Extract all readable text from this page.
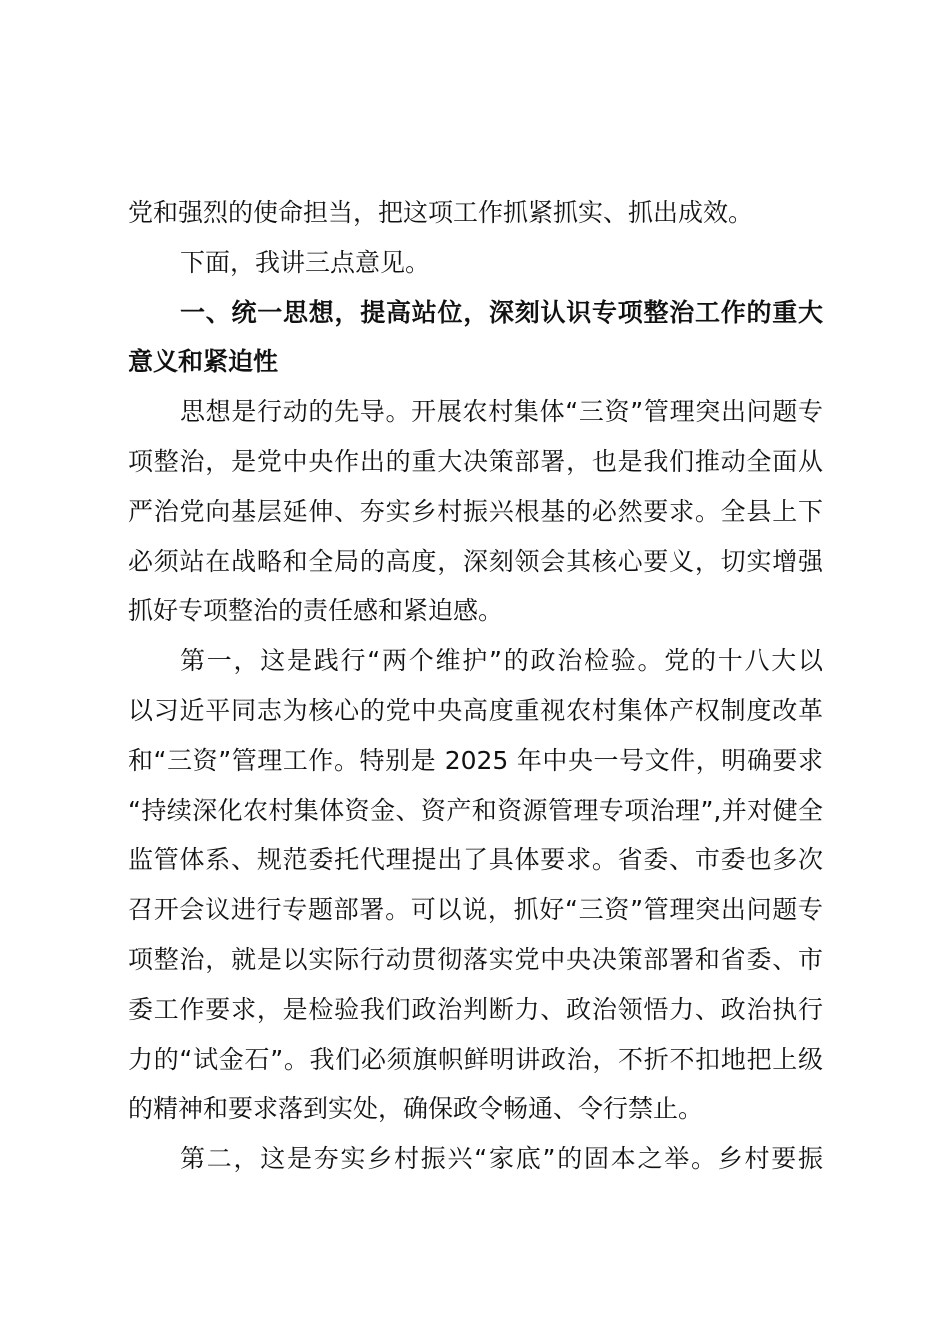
党和强烈的使命担当，把这项工作抓紧抓实、抓出成效。
下面，我讲三点意见。
一、统一思想，提高站位，深刻认识专项整治工作的重大
意义和紧迫性
思想是行动的先导。开展农村集体“三资”管理突出问题专
项整治，是党中央作出的重大决策部署，也是我们推动全面从
严治党向基层延伸、夯实乡村振兴根基的必然要求。全县上下
必须站在战略和全局的高度，深刻领会其核心要义，切实增强
抓好专项整治的责任感和紧迫感。
第一，这是践行“两个维护”的政治检验。党的十八大以
以习近平同志为核心的党中央高度重视农村集体产权制度改革
和“三资”管理工作。特别是 2025 年中央一号文件，明确要求
“持续深化农村集体资金、资产和资源管理专项治理”,并对健全
监管体系、规范委托代理提出了具体要求。省委、市委也多次
召开会议进行专题部署。可以说，抓好“三资”管理突出问题专
项整治，就是以实际行动贯彻落实党中央决策部署和省委、市
委工作要求，是检验我们政治判断力、政治领悟力、政治执行
力的“试金石”。我们必须旗帜鲜明讲政治，不折不扣地把上级
的精神和要求落到实处，确保政令畅通、令行禁止。
第二，这是夯实乡村振兴“家底”的固本之举。乡村要振
